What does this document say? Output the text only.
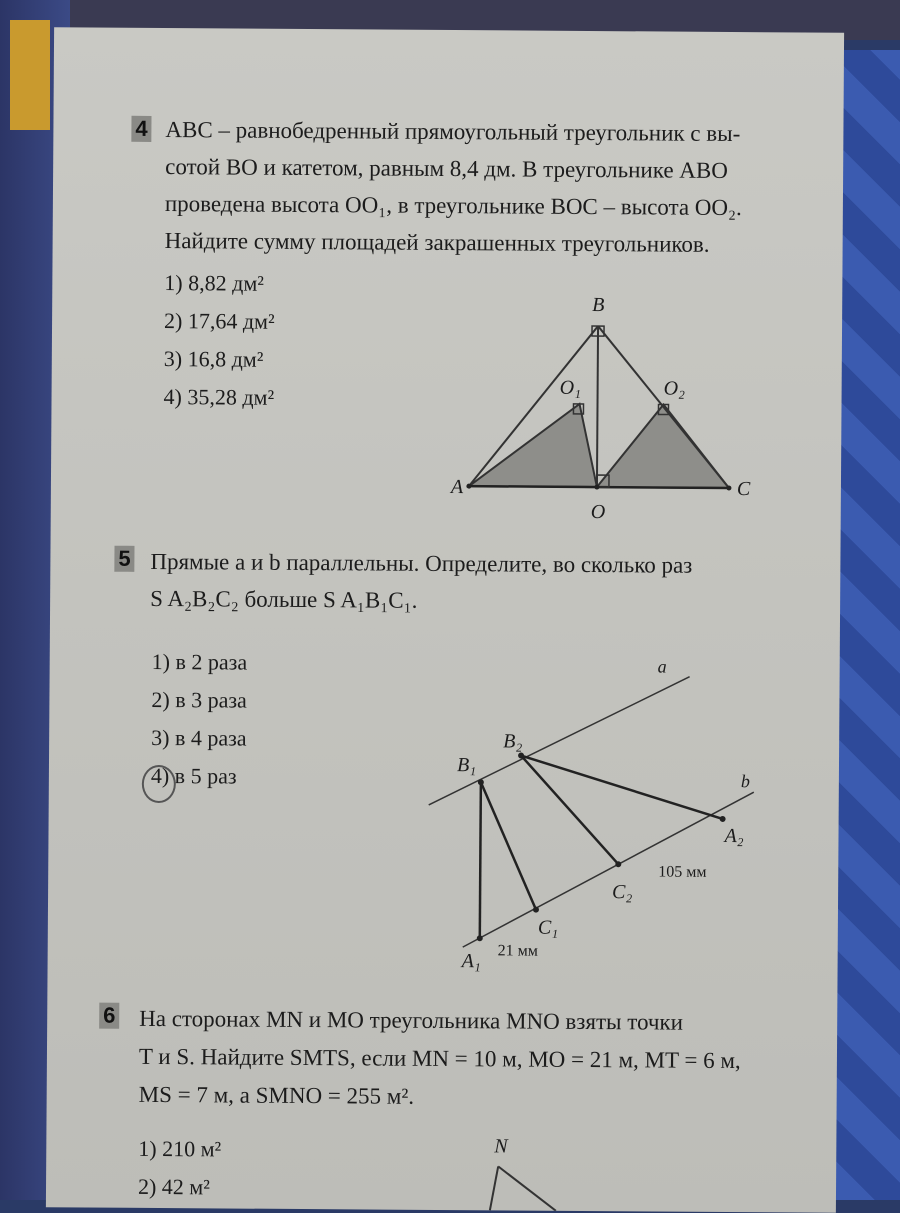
4 ABC – равнобедренный прямоугольный треугольник с вы-
сотой BO и катетом, равным 8,4 дм. В треугольнике ABO
проведена высота OO₁, в треугольнике BOC – высота OO₂.
Найдите сумму площадей закрашенных треугольников.
1) 8,82 дм²
2) 17,64 дм²
3) 16,8 дм²
4) 35,28 дм²
B
A	C
O
O₁	O₂
5 Прямые a и b параллельны. Определите, во сколько раз
S A₂B₂C₂ больше S A₁B₁C₁.
1) в 2 раза
2) в 3 раза
3) в 4 раза
4) в 5 раз
a
b
B₁
B₂
A₁
A₂
C₁
C₂
21 мм
105 мм
6 На сторонах MN и MO треугольника MNO взяты точки
T и S. Найдите SMTS, если MN = 10 м, MO = 21 м, MT = 6 м,
MS = 7 м, а SMNO = 255 м².
1) 210 м²
2) 42 м²
N
